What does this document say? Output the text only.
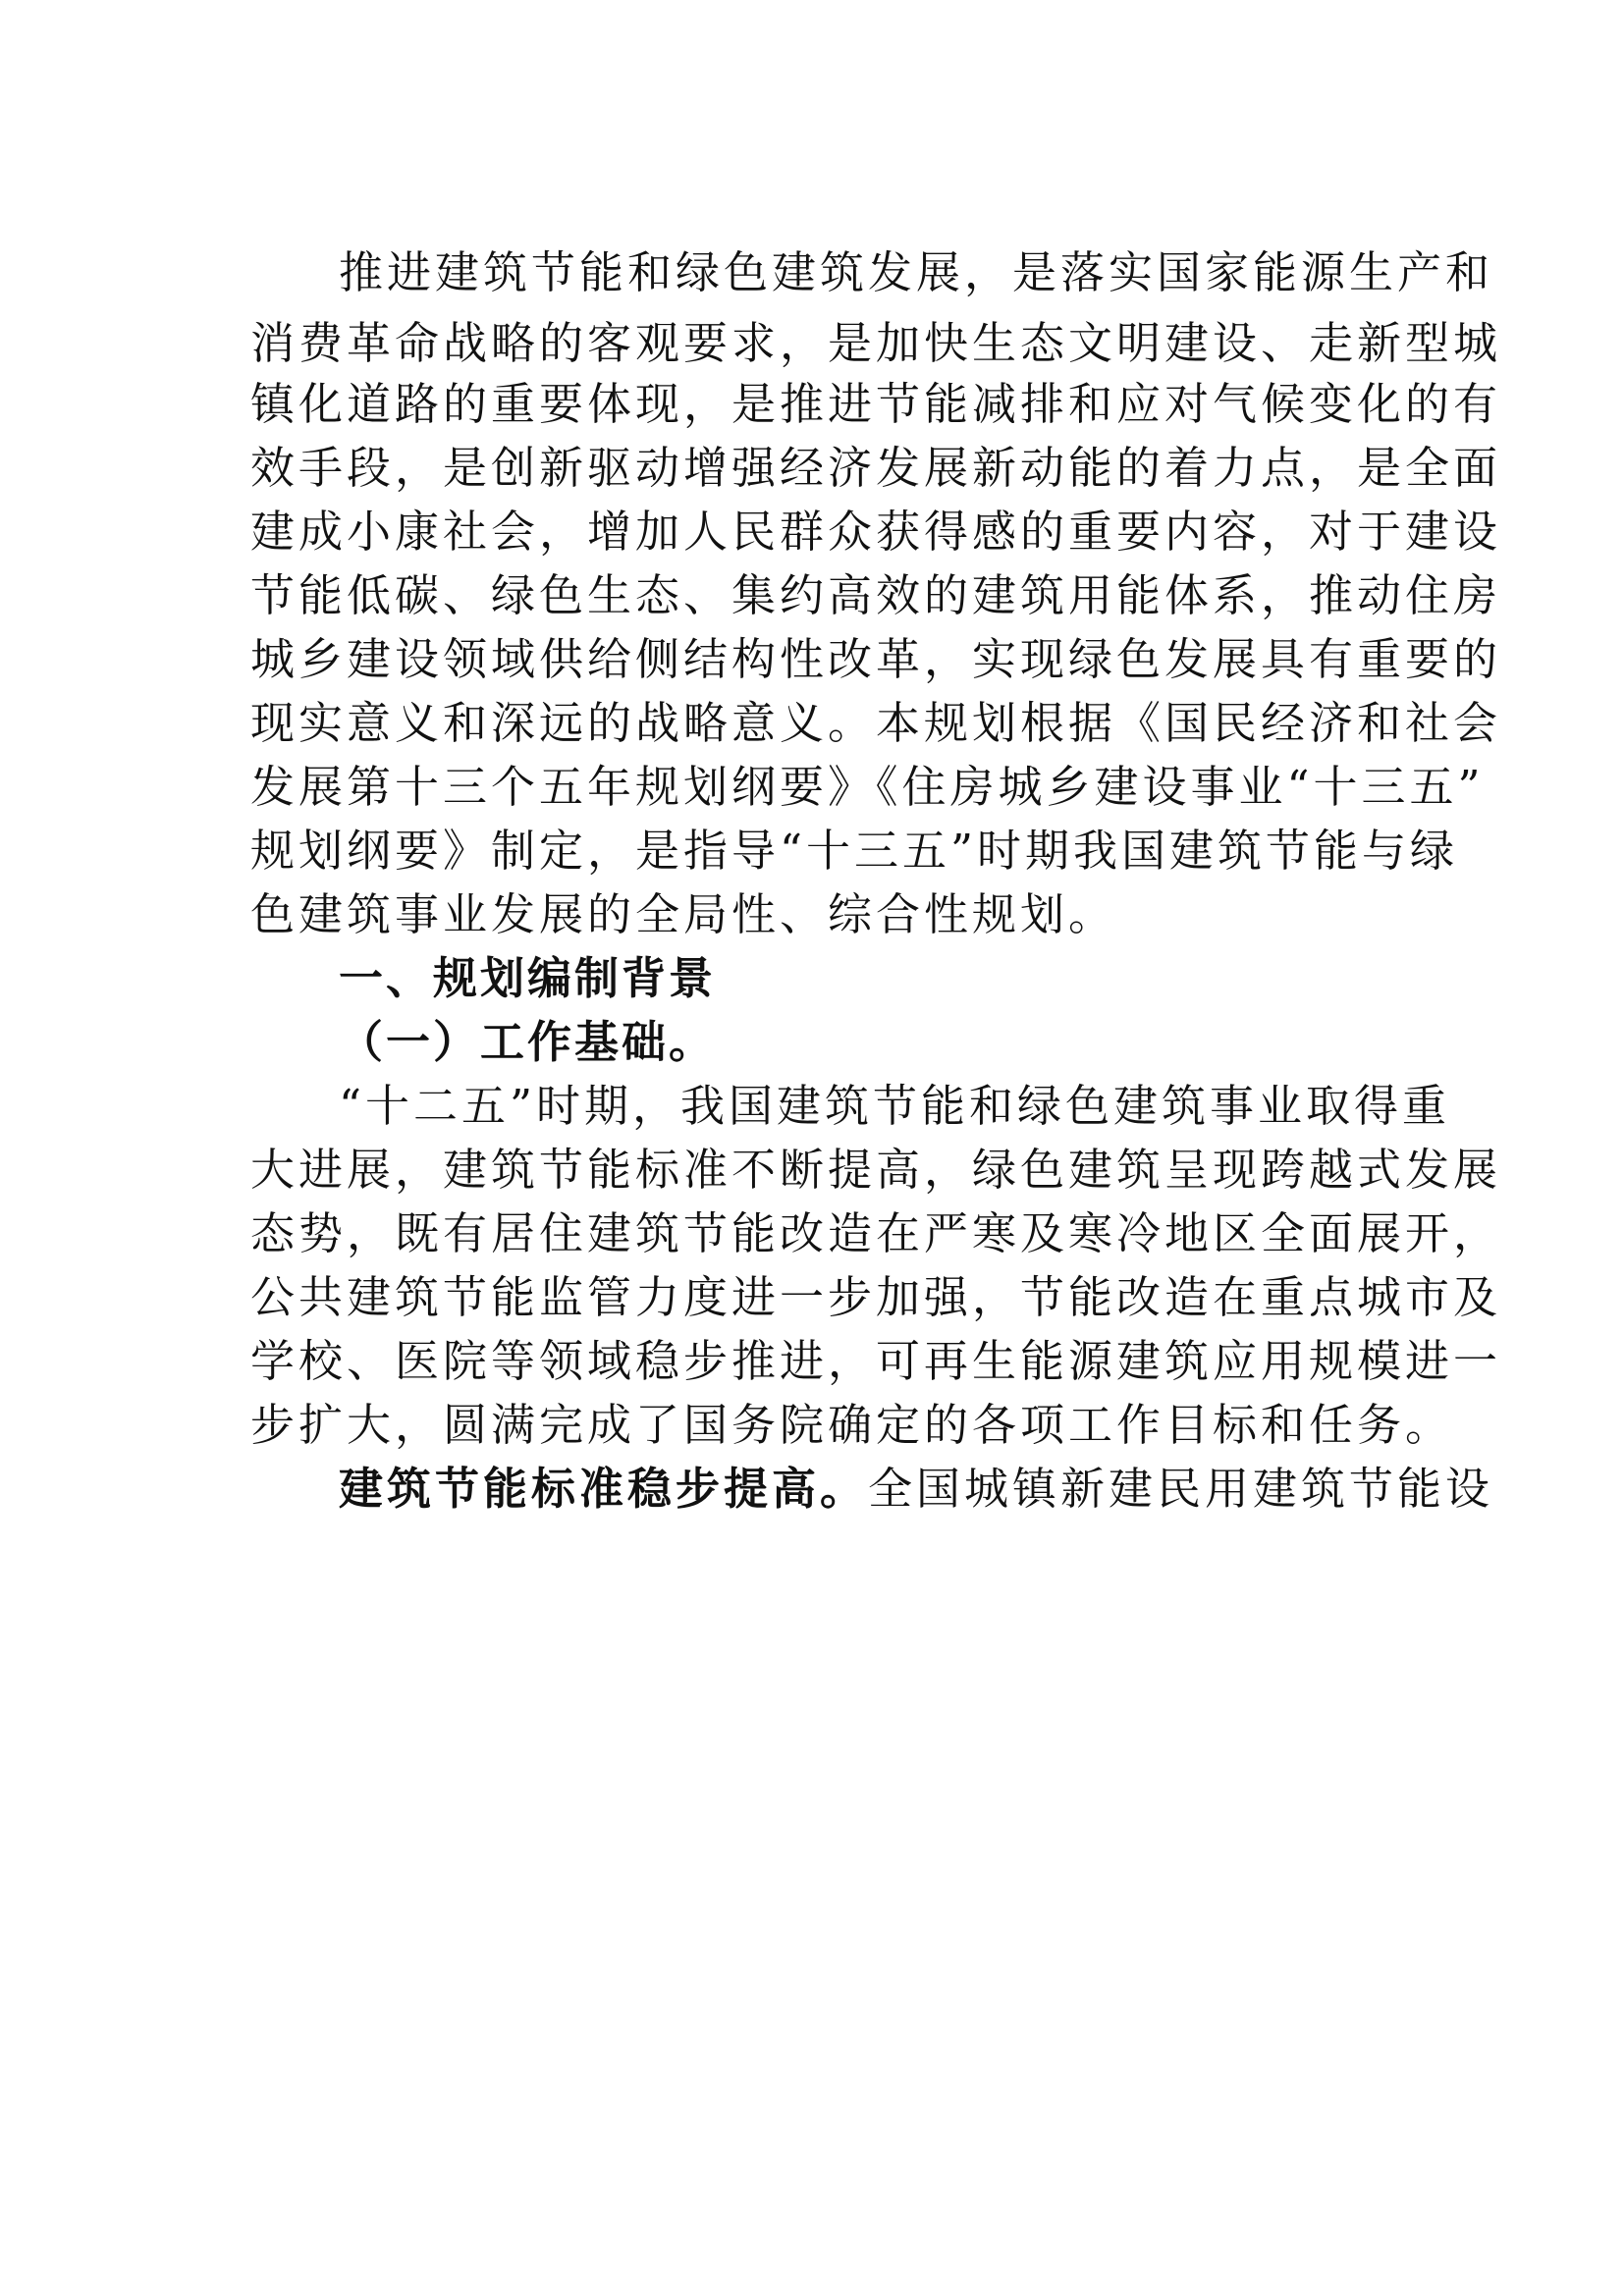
推进建筑节能和绿色建筑发展，是落实国家能源生产和
消费革命战略的客观要求，是加快生态文明建设、走新型城
镇化道路的重要体现，是推进节能减排和应对气候变化的有
效手段，是创新驱动增强经济发展新动能的着力点，是全面
建成小康社会，增加人民群众获得感的重要内容，对于建设
节能低碳、绿色生态、集约高效的建筑用能体系，推动住房
城乡建设领域供给侧结构性改革，实现绿色发展具有重要的
现实意义和深远的战略意义。本规划根据《国民经济和社会
发展第十三个五年规划纲要》《住房城乡建设事业“十三五”
规划纲要》制定，是指导“十三五”时期我国建筑节能与绿
色建筑事业发展的全局性、综合性规划。
一、规划编制背景
（一）工作基础。
“十二五”时期，我国建筑节能和绿色建筑事业取得重
大进展，建筑节能标准不断提高，绿色建筑呈现跨越式发展
态势，既有居住建筑节能改造在严寒及寒冷地区全面展开，
公共建筑节能监管力度进一步加强，节能改造在重点城市及
学校、医院等领域稳步推进，可再生能源建筑应用规模进一
步扩大，圆满完成了国务院确定的各项工作目标和任务。
建筑节能标准稳步提高。全国城镇新建民用建筑节能设
